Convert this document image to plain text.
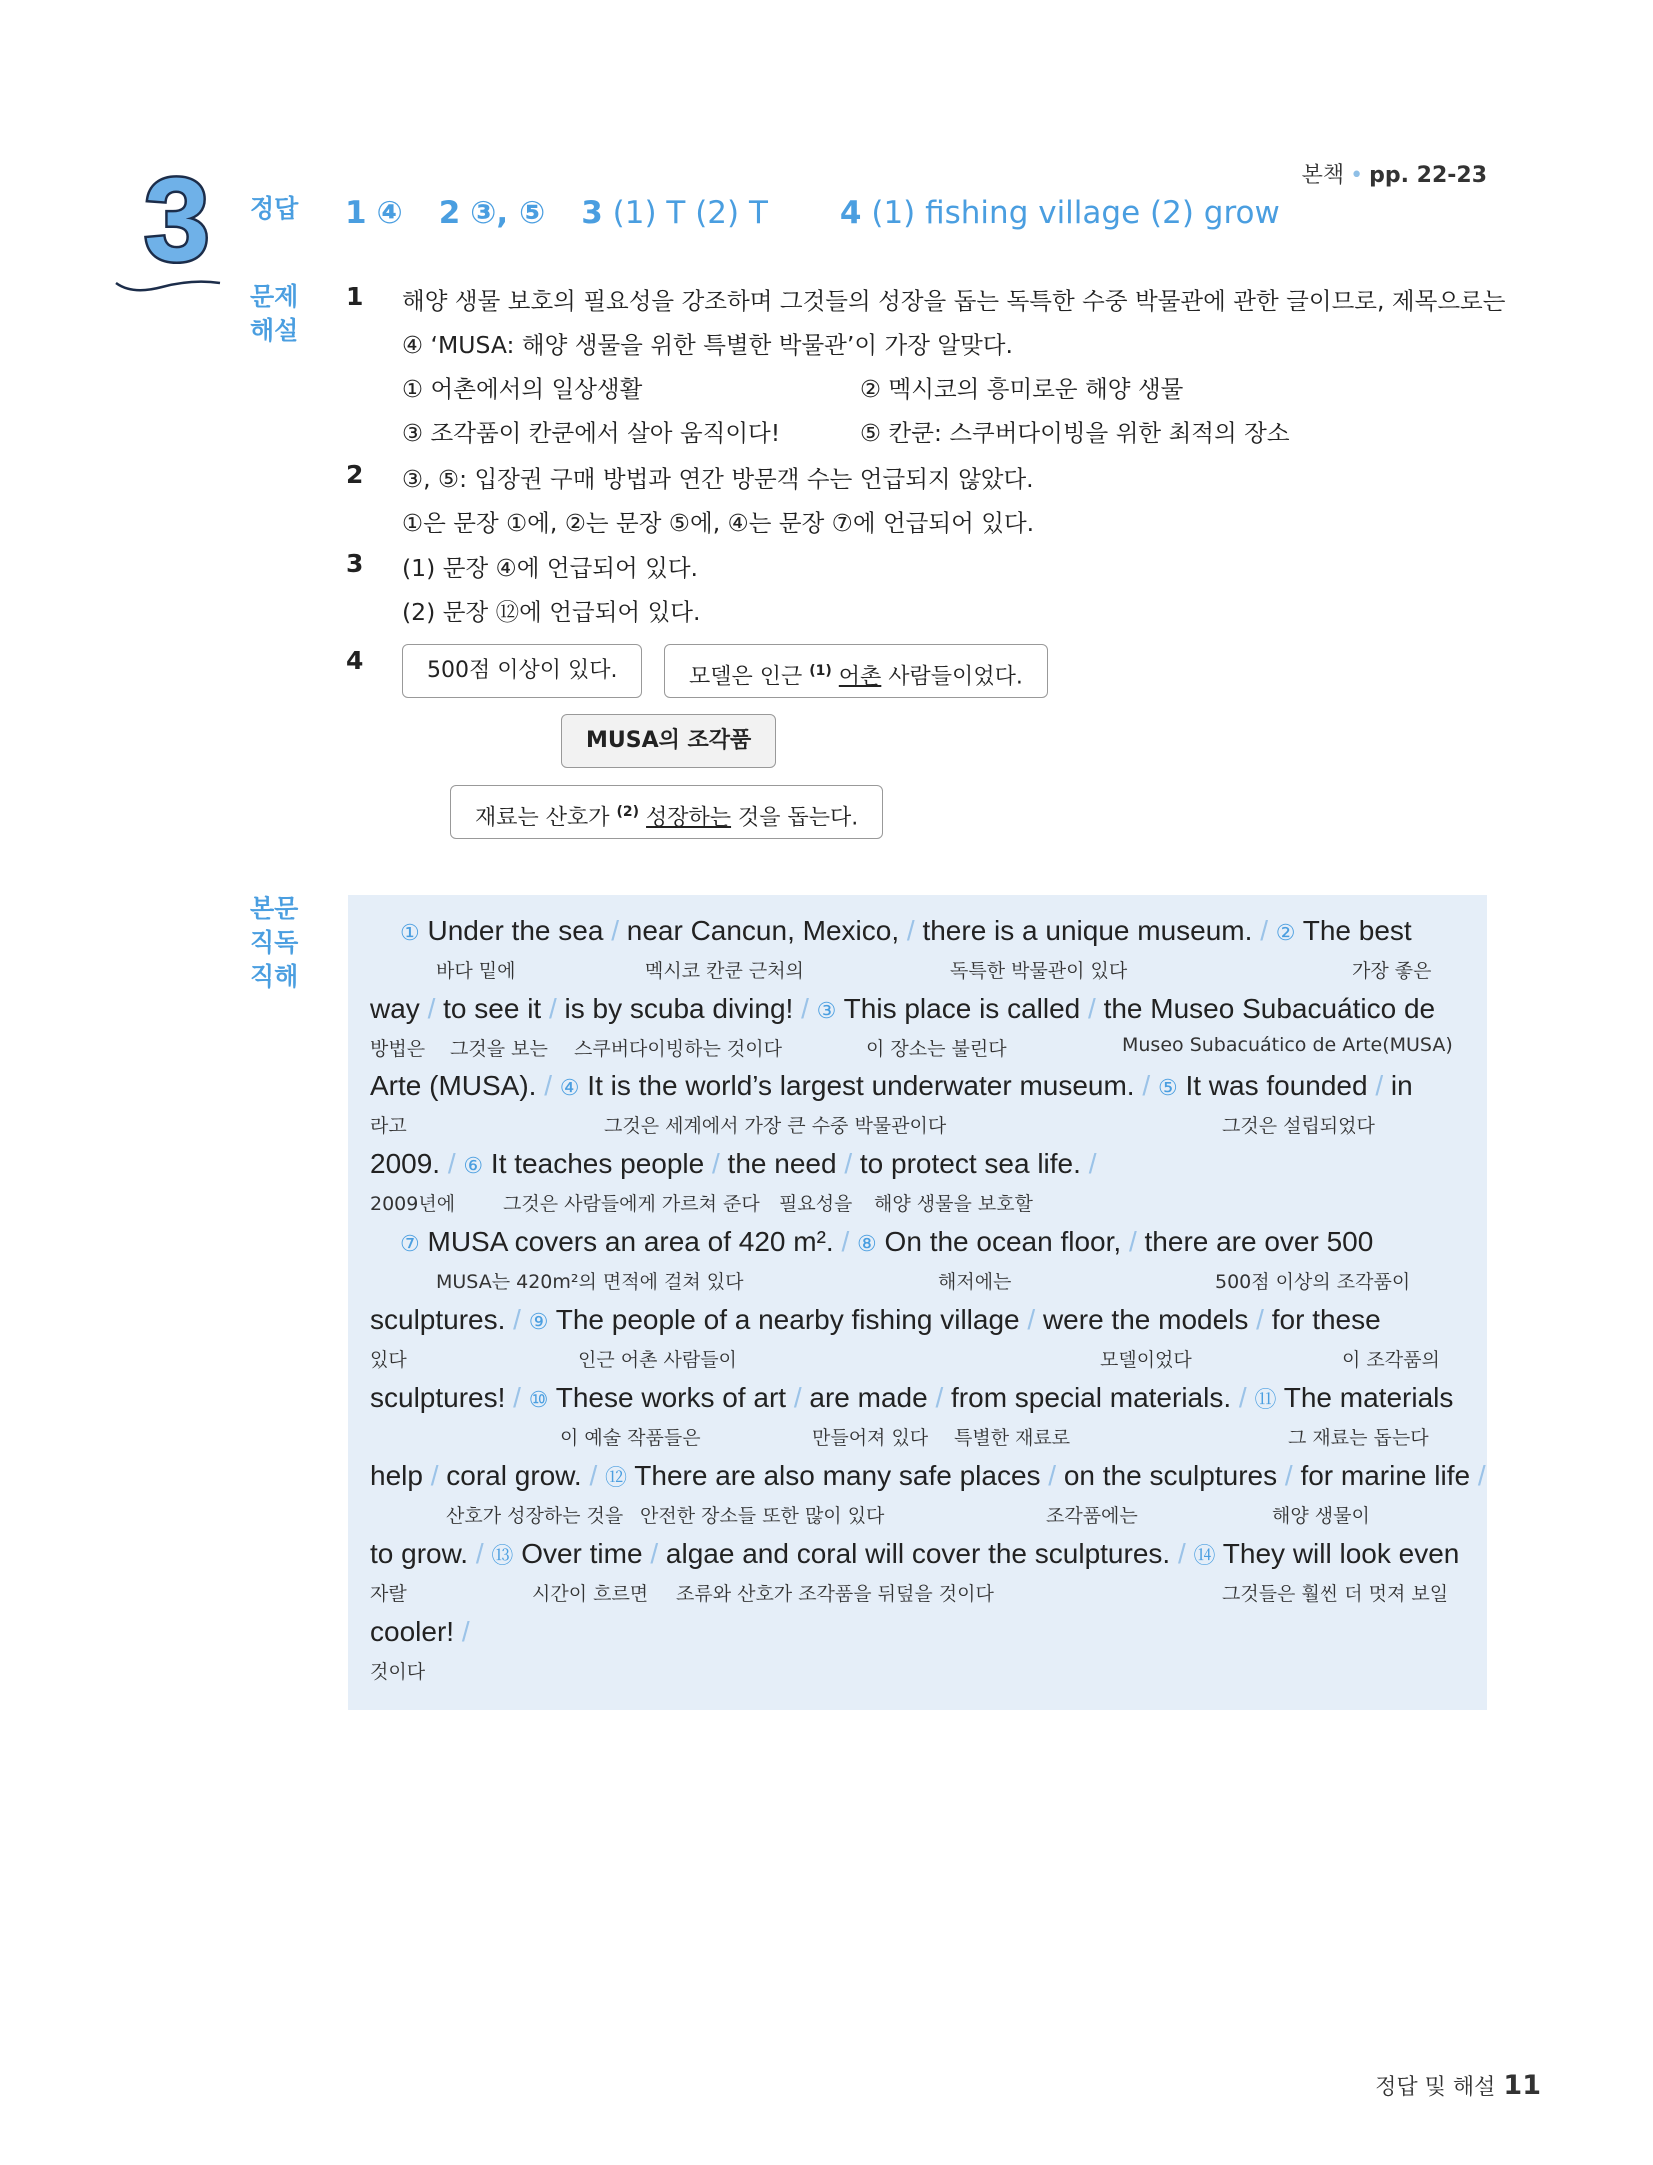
본책 • pp. 22-23
3 정답 1 ④ 2 ③, ⑤ 3 (1) T (2) T 4 (1) fishing village (2) grow
문제
해설
1 해양 생물 보호의 필요성을 강조하며 그것들의 성장을 돕는 독특한 수중 박물관에 관한 글이므로, 제목으로는
④ ‘MUSA: 해양 생물을 위한 특별한 박물관’이 가장 알맞다.
① 어촌에서의 일상생활	② 멕시코의 흥미로운 해양 생물
③ 조각품이 칸쿤에서 살아 움직이다!	⑤ 칸쿤: 스쿠버다이빙을 위한 최적의 장소
2 ③, ⑤: 입장권 구매 방법과 연간 방문객 수는 언급되지 않았다.
①은 문장 ①에, ②는 문장 ⑤에, ④는 문장 ⑦에 언급되어 있다.
3 (1) 문장 ④에 언급되어 있다.
(2) 문장 ⑫에 언급되어 있다.
4	500점 이상이 있다.	모델은 인근 $^{(1)}$ 어촌 사람들이었다.
MUSA의 조각품
재료는 산호가 $^{(2)}$ 성장하는 것을 돕는다.
본문
직독
직해
① Under the sea / near Cancun, Mexico, / there is a unique museum. / ② The best
바다 밑에	멕시코 칸쿤 근처의	독특한 박물관이 있다	가장 좋은
way / to see it / is by scuba diving! / ③ This place is called / the Museo Subacuático de
방법은 그것을 보는 스쿠버다이빙하는 것이다	이 장소는 불린다	Museo Subacuático de Arte(MUSA)
Arte (MUSA). / ④ It is the world’s largest underwater museum. / ⑤ It was founded / in
라고	그것은 세계에서 가장 큰 수중 박물관이다	그것은 설립되었다
2009. / ⑥ It teaches people / the need / to protect sea life. /
2009년에	그것은 사람들에게 가르쳐 준다 필요성을 해양 생물을 보호할
⑦ MUSA covers an area of 420 m². / ⑧ On the ocean floor, / there are over 500
MUSA는 420m²의 면적에 걸쳐 있다	해저에는	500점 이상의 조각품이
sculptures. / ⑨ The people of a nearby fishing village / were the models / for these
있다	인근 어촌 사람들이	모델이었다	이 조각품의
sculptures! / ⑩ These works of art / are made / from special materials. / ⑪ The materials
이 예술 작품들은	만들어져 있다 특별한 재료로	그 재료는 돕는다
help / coral grow. / ⑫ There are also many safe places / on the sculptures / for marine life /
산호가 성장하는 것을 안전한 장소들 또한 많이 있다	조각품에는	해양 생물이
to grow. / ⑬ Over time / algae and coral will cover the sculptures. / ⑭ They will look even
자랄	시간이 흐르면 조류와 산호가 조각품을 뒤덮을 것이다	그것들은 훨씬 더 멋져 보일
cooler! /
것이다
정답 및 해설 11
